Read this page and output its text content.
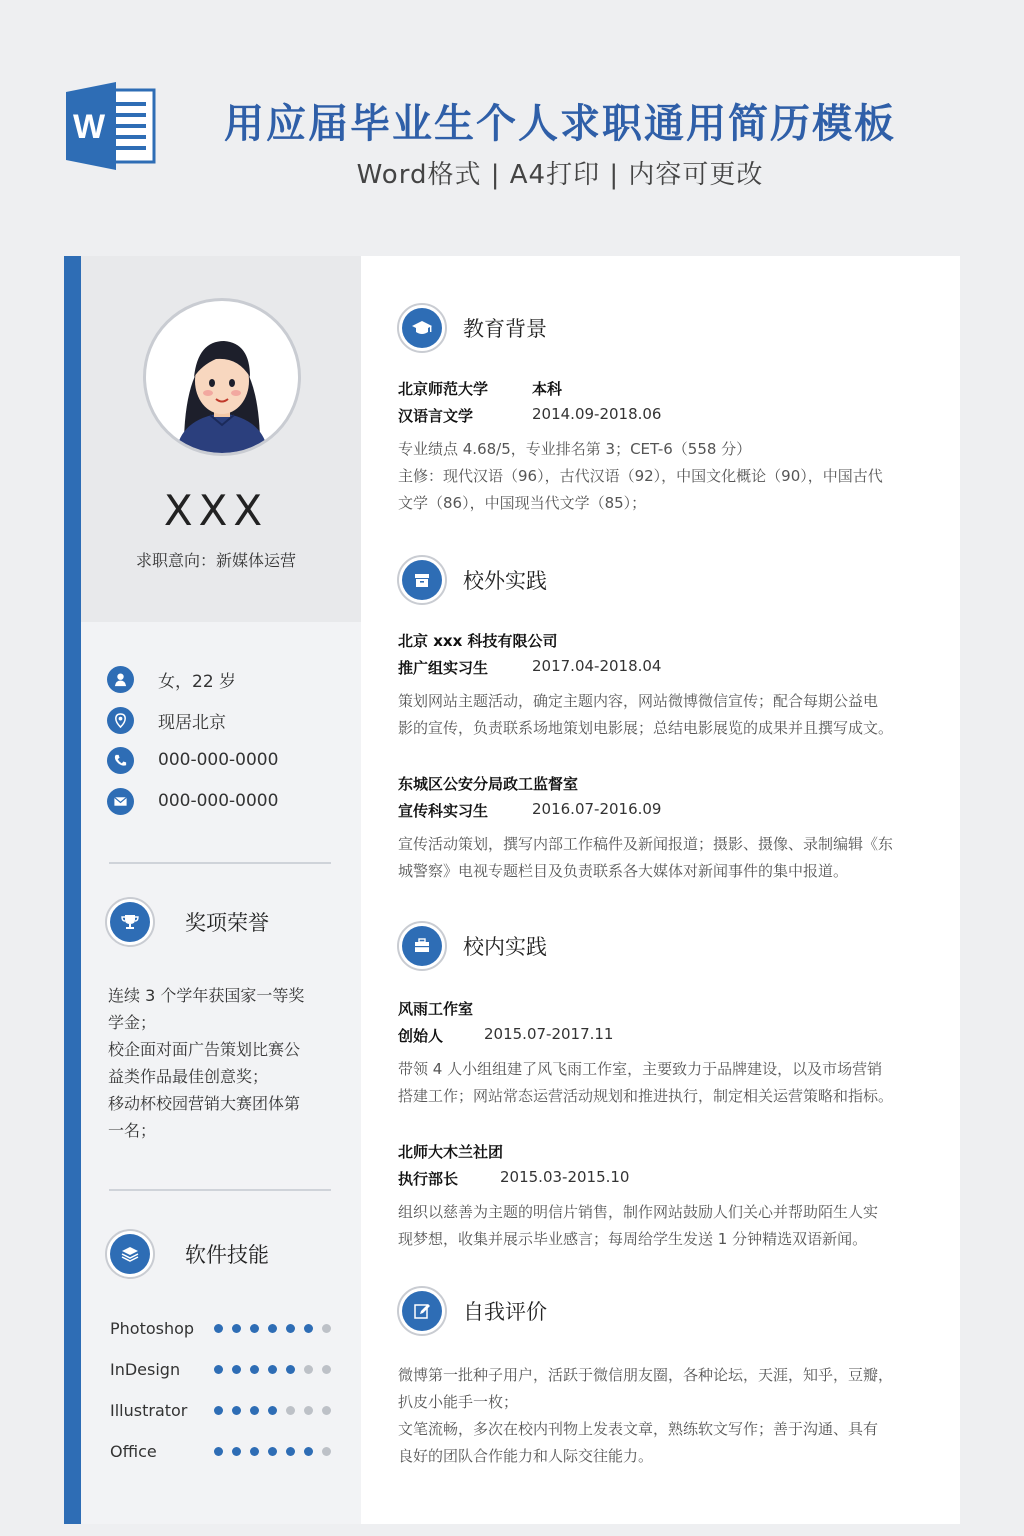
W	用应届毕业生个人求职通用简历模板
Word格式 | A4打印 | 内容可更改
XXX
求职意向：新媒体运营
女，22 岁
现居北京
000-000-0000
000-000-0000
奖项荣誉
连续 3 个学年获国家一等奖
学金；
校企面对面广告策划比赛公
益类作品最佳创意奖；
移动杯校园营销大赛团体第
一名；
软件技能
Photoshop
InDesign
Illustrator
Office
教育背景
北京师范大学	本科
汉语言文学	2014.09-2018.06
专业绩点 4.68/5，专业排名第 3；CET-6（558 分）
主修：现代汉语（96），古代汉语（92），中国文化概论（90），中国古代
文学（86），中国现当代文学（85）；
校外实践
北京 xxx 科技有限公司
推广组实习生	2017.04-2018.04
策划网站主题活动，确定主题内容，网站微博微信宣传；配合每期公益电
影的宣传，负责联系场地策划电影展；总结电影展览的成果并且撰写成文。
东城区公安分局政工监督室
宣传科实习生	2016.07-2016.09
宣传活动策划，撰写内部工作稿件及新闻报道；摄影、摄像、录制编辑《东
城警察》电视专题栏目及负责联系各大媒体对新闻事件的集中报道。
校内实践
风雨工作室
创始人	2015.07-2017.11
带领 4 人小组组建了风飞雨工作室，主要致力于品牌建设，以及市场营销
搭建工作；网站常态运营活动规划和推进执行，制定相关运营策略和指标。
北师大木兰社团
执行部长	2015.03-2015.10
组织以慈善为主题的明信片销售，制作网站鼓励人们关心并帮助陌生人实
现梦想，收集并展示毕业感言；每周给学生发送 1 分钟精选双语新闻。
自我评价
微博第一批种子用户，活跃于微信朋友圈，各种论坛，天涯，知乎，豆瓣，
扒皮小能手一枚；
文笔流畅，多次在校内刊物上发表文章，熟练软文写作；善于沟通、具有
良好的团队合作能力和人际交往能力。
